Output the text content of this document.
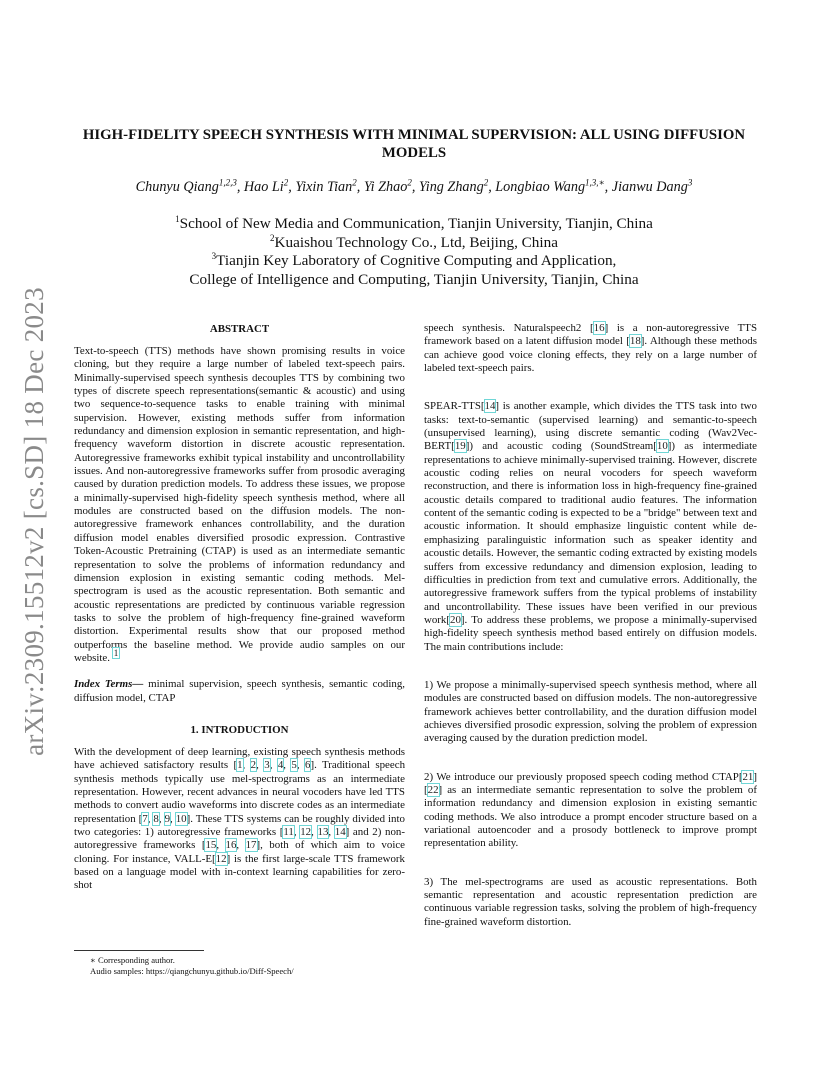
arXiv:2309.15512v2 [cs.SD] 18 Dec 2023
HIGH-FIDELITY SPEECH SYNTHESIS WITH MINIMAL SUPERVISION: ALL USING DIFFUSION MODELS
Chunyu Qiang$^{1,2,3}$, Hao Li$^2$, Yixin Tian$^2$, Yi Zhao$^2$, Ying Zhang$^2$, Longbiao Wang$^{1,3,∗}$, Jianwu Dang$^3$
$^1$School of New Media and Communication, Tianjin University, Tianjin, China
$^2$Kuaishou Technology Co., Ltd, Beijing, China
$^3$Tianjin Key Laboratory of Cognitive Computing and Application,
College of Intelligence and Computing, Tianjin University, Tianjin, China
ABSTRACT

Text-to-speech (TTS) methods have shown promising results in voice cloning, but they require a large number of labeled text-speech pairs. Minimally-supervised speech synthesis decouples TTS by combining two types of discrete speech representations(semantic & acoustic) and using two sequence-to-sequence tasks to enable training with minimal supervision. However, existing methods suffer from information redundancy and dimension explosion in semantic representation, and high-frequency waveform distortion in discrete acoustic representation. Autoregressive frameworks exhibit typical instability and uncontrollability issues. And non-autoregressive frameworks suffer from prosodic averaging caused by duration prediction models. To address these issues, we propose a minimally-supervised high-fidelity speech synthesis method, where all modules are constructed based on the diffusion models. The non-autoregressive framework enhances controllability, and the duration diffusion model enables diversified prosodic expression. Contrastive Token-Acoustic Pretraining (CTAP) is used as an intermediate semantic representation to solve the problems of information redundancy and dimension explosion in existing semantic coding methods. Mel-spectrogram is used as the acoustic representation. Both semantic and acoustic representations are predicted by continuous variable regression tasks to solve the problem of high-frequency fine-grained waveform distortion. Experimental results show that our proposed method outperforms the baseline method. We provide audio samples on our website. $^1$

Index Terms— minimal supervision, speech synthesis, semantic coding, diffusion model, CTAP

1. INTRODUCTION

With the development of deep learning, existing speech synthesis methods have achieved satisfactory results [1, 2, 3, 4, 5, 6]. Traditional speech synthesis methods typically use mel-spectrograms as an intermediate representation. However, recent advances in neural vocoders have led TTS methods to convert audio waveforms into discrete codes as an intermediate representation [7, 8, 9, 10]. These TTS systems can be roughly divided into two categories: 1) autoregressive frameworks [11, 12, 13, 14] and 2) non-autoregressive frameworks [15, 16, 17], both of which aim to voice cloning. For instance, VALL-E[12] is the first large-scale TTS framework based on a language model with in-context learning capabilities for zero-shot

speech synthesis. Naturalspeech2 [16] is a non-autoregressive TTS framework based on a latent diffusion model [18]. Although these methods can achieve good voice cloning effects, they rely on a large number of labeled text-speech pairs.

SPEAR-TTS[14] is another example, which divides the TTS task into two tasks: text-to-semantic (supervised learning) and semantic-to-speech (unsupervised learning), using discrete semantic coding (Wav2Vec-BERT[19]) and acoustic coding (SoundStream[10]) as intermediate representations to achieve minimally-supervised training. However, discrete acoustic coding relies on neural vocoders for speech waveform reconstruction, and there is information loss in high-frequency fine-grained acoustic details compared to traditional audio features. The information content of the semantic coding is expected to be a "bridge" between text and acoustic information. It should emphasize linguistic content while de-emphasizing paralinguistic information such as speaker identity and acoustic details. However, the semantic coding extracted by existing models suffers from excessive redundancy and dimension explosion, leading to difficulties in prediction from text and cumulative errors. Additionally, the autoregressive framework suffers from the typical problems of instability and uncontrollability. These issues have been verified in our previous work[20]. To address these problems, we propose a minimally-supervised high-fidelity speech synthesis method based entirely on diffusion models. The main contributions include:

1) We propose a minimally-supervised speech synthesis method, where all modules are constructed based on diffusion models. The non-autoregressive framework achieves better controllability, and the duration diffusion model achieves diversified prosodic expression, solving the problem of expression averaging caused by the duration prediction model.

2) We introduce our previously proposed speech coding method CTAP[21][22] as an intermediate semantic representation to solve the problem of information redundancy and dimension explosion in existing semantic coding methods. We also introduce a prompt encoder structure based on a variational autoencoder and a prosody bottleneck to improve prompt representation ability.

3) The mel-spectrograms are used as acoustic representations. Both semantic representation and acoustic representation prediction are continuous variable regression tasks, solving the problem of high-frequency fine-grained waveform distortion.

∗ Corresponding author.
Audio samples: https://qiangchunyu.github.io/Diff-Speech/
